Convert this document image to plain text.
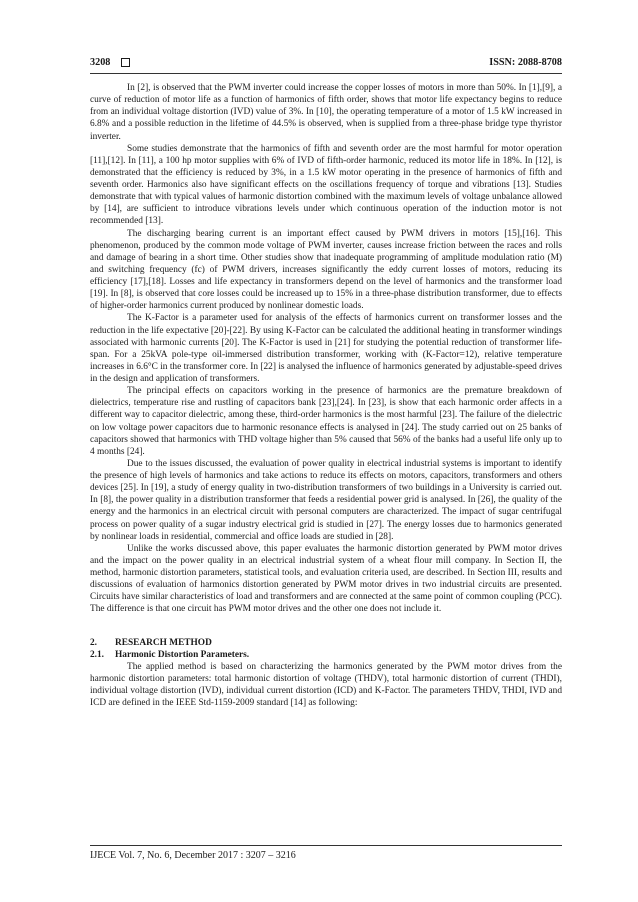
3208	ISSN: 2088-8708

In [2], is observed that the PWM inverter could increase the copper losses of motors in more than 50%. In [1],[9], a curve of reduction of motor life as a function of harmonics of fifth order, shows that motor life expectancy begins to reduce from an individual voltage distortion (IVD) value of 3%. In [10], the operating temperature of a motor of 1.5 kW increased in 6.8% and a possible reduction in the lifetime of 44.5% is observed, when is supplied from a three-phase bridge type thyristor inverter.

Some studies demonstrate that the harmonics of fifth and seventh order are the most harmful for motor operation [11],[12]. In [11], a 100 hp motor supplies with 6% of IVD of fifth-order harmonic, reduced its motor life in 18%. In [12], is demonstrated that the efficiency is reduced by 3%, in a 1.5 kW motor operating in the presence of harmonics of fifth and seventh order. Harmonics also have significant effects on the oscillations frequency of torque and vibrations [13]. Studies demonstrate that with typical values of harmonic distortion combined with the maximum levels of voltage unbalance allowed by [14], are sufficient to introduce vibrations levels under which continuous operation of the induction motor is not recommended [13].

The discharging bearing current is an important effect caused by PWM drivers in motors [15],[16]. This phenomenon, produced by the common mode voltage of PWM inverter, causes increase friction between the races and rolls and damage of bearing in a short time. Other studies show that inadequate programming of amplitude modulation ratio (M) and switching frequency (fc) of PWM drivers, increases significantly the eddy current losses of motors, reducing its efficiency [17],[18]. Losses and life expectancy in transformers depend on the level of harmonics and the transformer load [19]. In [8], is observed that core losses could be increased up to 15% in a three-phase distribution transformer, due to effects of higher-order harmonics current produced by nonlinear domestic loads.

The K-Factor is a parameter used for analysis of the effects of harmonics current on transformer losses and the reduction in the life expectative [20]-[22]. By using K-Factor can be calculated the additional heating in transformer windings associated with harmonic currents [20]. The K-Factor is used in [21] for studying the potential reduction of transformer life-span. For a 25kVA pole-type oil-immersed distribution transformer, working with (K-Factor=12), relative temperature increases in 6.6°C in the transformer core. In [22] is analysed the influence of harmonics generated by adjustable-speed drives in the design and application of transformers.

The principal effects on capacitors working in the presence of harmonics are the premature breakdown of dielectrics, temperature rise and rustling of capacitors bank [23],[24]. In [23], is show that each harmonic order affects in a different way to capacitor dielectric, among these, third-order harmonics is the most harmful [23]. The failure of the dielectric on low voltage power capacitors due to harmonic resonance effects is analysed in [24]. The study carried out on 25 banks of capacitors showed that harmonics with THD voltage higher than 5% caused that 56% of the banks had a useful life only up to 4 months [24].

Due to the issues discussed, the evaluation of power quality in electrical industrial systems is important to identify the presence of high levels of harmonics and take actions to reduce its effects on motors, capacitors, transformers and others devices [25]. In [19], a study of energy quality in two-distribution transformers of two buildings in a University is carried out. In [8], the power quality in a distribution transformer that feeds a residential power grid is analysed. In [26], the quality of the energy and the harmonics in an electrical circuit with personal computers are characterized. The impact of sugar centrifugal process on power quality of a sugar industry electrical grid is studied in [27]. The energy losses due to harmonics generated by nonlinear loads in residential, commercial and office loads are studied in [28].

Unlike the works discussed above, this paper evaluates the harmonic distortion generated by PWM motor drives and the impact on the power quality in an electrical industrial system of a wheat flour mill company. In Section II, the method, harmonic distortion parameters, statistical tools, and evaluation criteria used, are described. In Section III, results and discussions of evaluation of harmonics distortion generated by PWM motor drives in two industrial circuits are presented. Circuits have similar characteristics of load and transformers and are connected at the same point of common coupling (PCC). The difference is that one circuit has PWM motor drives and the other one does not include it.

2. RESEARCH METHOD
2.1. Harmonic Distortion Parameters.

The applied method is based on characterizing the harmonics generated by the PWM motor drives from the harmonic distortion parameters: total harmonic distortion of voltage (THDV), total harmonic distortion of current (THDI), individual voltage distortion (IVD), individual current distortion (ICD) and K-Factor. The parameters THDV, THDI, IVD and ICD are defined in the IEEE Std-1159-2009 standard [14] as following:

IJECE Vol. 7, No. 6, December 2017 : 3207 – 3216
